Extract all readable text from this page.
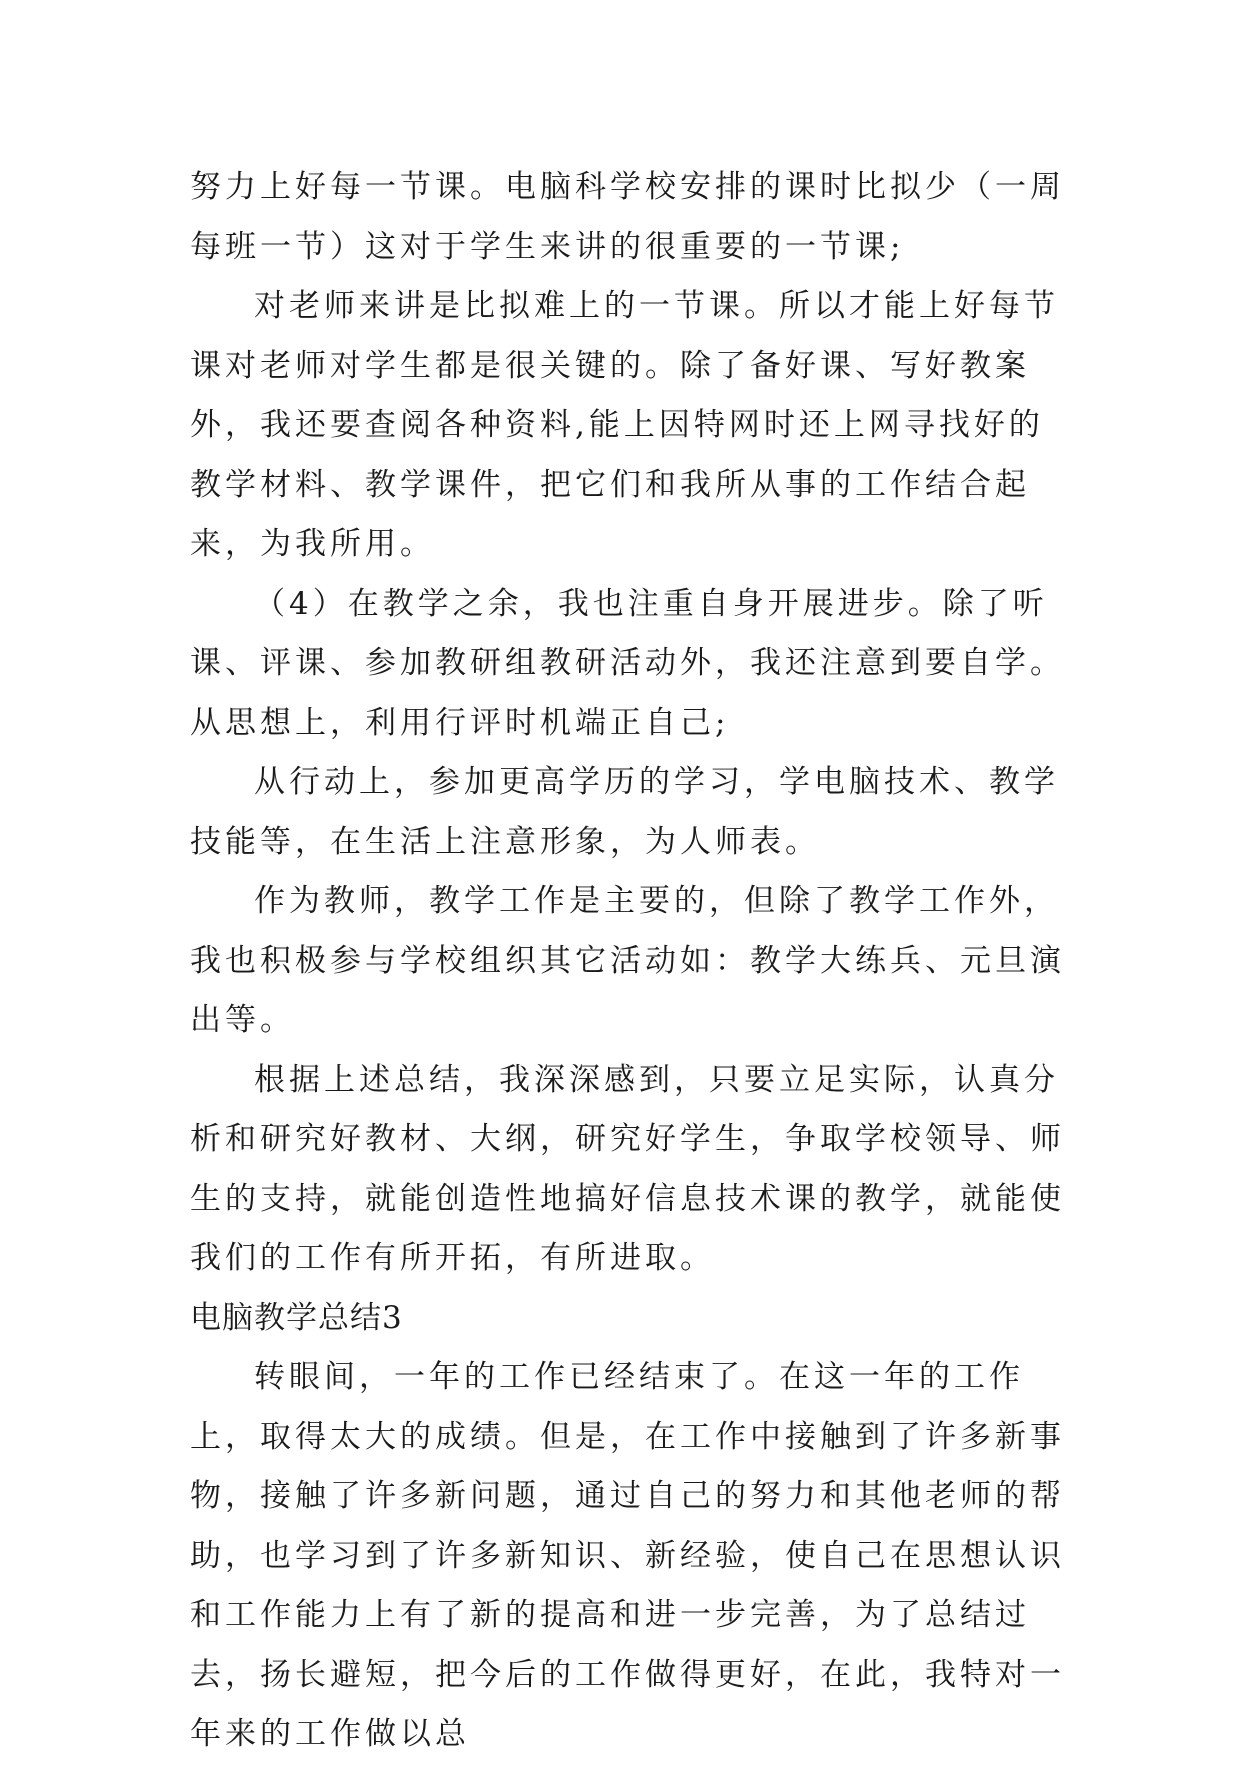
努力上好每一节课。电脑科学校安排的课时比拟少（一周每班一节）这对于学生来讲的很重要的一节课;

对老师来讲是比拟难上的一节课。所以才能上好每节课对老师对学生都是很关键的。除了备好课、写好教案外，我还要查阅各种资料,能上因特网时还上网寻找好的教学材料、教学课件，把它们和我所从事的工作结合起来，为我所用。

（4）在教学之余，我也注重自身开展进步。除了听课、评课、参加教研组教研活动外，我还注意到要自学。从思想上，利用行评时机端正自己;

从行动上，参加更高学历的学习，学电脑技术、教学技能等，在生活上注意形象，为人师表。

作为教师，教学工作是主要的，但除了教学工作外，我也积极参与学校组织其它活动如：教学大练兵、元旦演出等。

根据上述总结，我深深感到，只要立足实际，认真分析和研究好教材、大纲，研究好学生，争取学校领导、师生的支持，就能创造性地搞好信息技术课的教学，就能使我们的工作有所开拓，有所进取。

电脑教学总结3

转眼间，一年的工作已经结束了。在这一年的工作上，取得太大的成绩。但是，在工作中接触到了许多新事物，接触了许多新问题，通过自己的努力和其他老师的帮助，也学习到了许多新知识、新经验，使自己在思想认识和工作能力上有了新的提高和进一步完善，为了总结过去，扬长避短，把今后的工作做得更好，在此，我特对一年来的工作做以总
